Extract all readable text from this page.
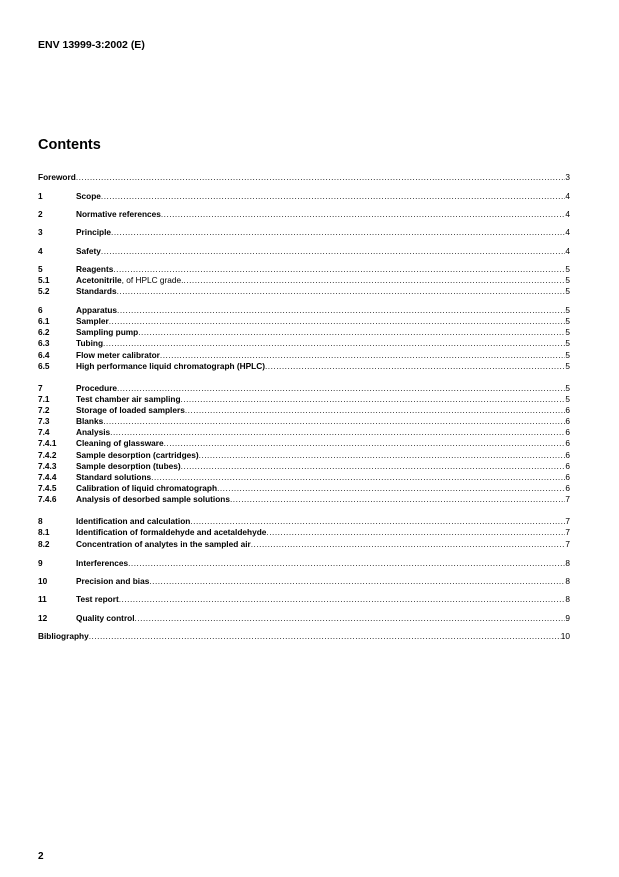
ENV 13999-3:2002 (E)
Contents
Foreword .....	3
1	Scope .....	4
2	Normative references .....	4
3	Principle .....	4
4	Safety .....	4
5	Reagents .....	5
5.1	Acetonitrile, of HPLC grade. .....	5
5.2	Standards .....	5
6	Apparatus .....	5
6.1	Sampler .....	5
6.2	Sampling pump .....	5
6.3	Tubing .....	5
6.4	Flow meter calibrator .....	5
6.5	High performance liquid chromatograph (HPLC) .....	5
7	Procedure .....	5
7.1	Test chamber air sampling .....	5
7.2	Storage of loaded samplers .....	6
7.3	Blanks .....	6
7.4	Analysis .....	6
7.4.1	Cleaning of glassware .....	6
7.4.2	Sample desorption (cartridges) .....	6
7.4.3	Sample desorption (tubes) .....	6
7.4.4	Standard solutions .....	6
7.4.5	Calibration of liquid chromatograph .....	6
7.4.6	Analysis of desorbed sample solutions .....	7
8	Identification and calculation .....	7
8.1	Identification of formaldehyde and acetaldehyde .....	7
8.2	Concentration of analytes in the sampled air .....	7
9	Interferences .....	8
10	Precision and bias .....	8
11	Test report .....	8
12	Quality control .....	9
Bibliography .....	10
2
